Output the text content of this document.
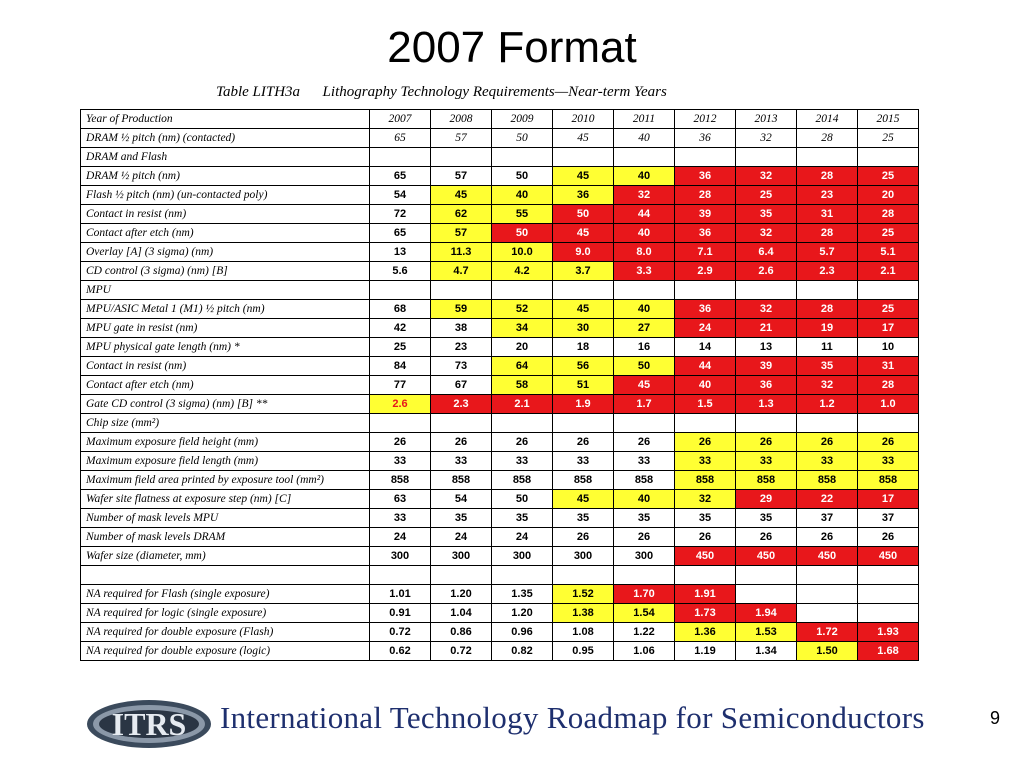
2007 Format
Table LITH3a      Lithography Technology Requirements—Near-term Years
Year of Production	2007	2008	2009	2010	2011	2012	2013	2014	2015
DRAM ½ pitch (nm) (contacted)	65	57	50	45	40	36	32	28	25
DRAM and Flash									
DRAM ½ pitch (nm)	65	57	50	45	40	36	32	28	25
Flash ½ pitch (nm) (un-contacted poly)	54	45	40	36	32	28	25	23	20
Contact in resist (nm)	72	62	55	50	44	39	35	31	28
Contact after etch (nm)	65	57	50	45	40	36	32	28	25
Overlay [A] (3 sigma) (nm)	13	11.3	10.0	9.0	8.0	7.1	6.4	5.7	5.1
CD control (3 sigma) (nm) [B]	5.6	4.7	4.2	3.7	3.3	2.9	2.6	2.3	2.1
MPU									
MPU/ASIC Metal 1 (M1) ½ pitch (nm)	68	59	52	45	40	36	32	28	25
MPU gate in resist (nm)	42	38	34	30	27	24	21	19	17
MPU physical gate length (nm) *	25	23	20	18	16	14	13	11	10
Contact in resist (nm)	84	73	64	56	50	44	39	35	31
Contact after etch (nm)	77	67	58	51	45	40	36	32	28
Gate CD control (3 sigma) (nm) [B] **	2.6	2.3	2.1	1.9	1.7	1.5	1.3	1.2	1.0
Chip size (mm²)									
Maximum exposure field height (mm)	26	26	26	26	26	26	26	26	26
Maximum exposure field length (mm)	33	33	33	33	33	33	33	33	33
Maximum field area printed by exposure tool (mm²)	858	858	858	858	858	858	858	858	858
Wafer site flatness at exposure step (nm) [C]	63	54	50	45	40	32	29	22	17
Number of mask levels MPU	33	35	35	35	35	35	35	37	37
Number of mask levels DRAM	24	24	24	26	26	26	26	26	26
Wafer size (diameter, mm)	300	300	300	300	300	450	450	450	450

NA required for Flash (single exposure)	1.01	1.20	1.35	1.52	1.70	1.91			
NA required for logic (single exposure)	0.91	1.04	1.20	1.38	1.54	1.73	1.94		
NA required for double exposure (Flash)	0.72	0.86	0.96	1.08	1.22	1.36	1.53	1.72	1.93
NA required for double exposure (logic)	0.62	0.72	0.82	0.95	1.06	1.19	1.34	1.50	1.68
ITRS International Technology Roadmap for Semiconductors	9
